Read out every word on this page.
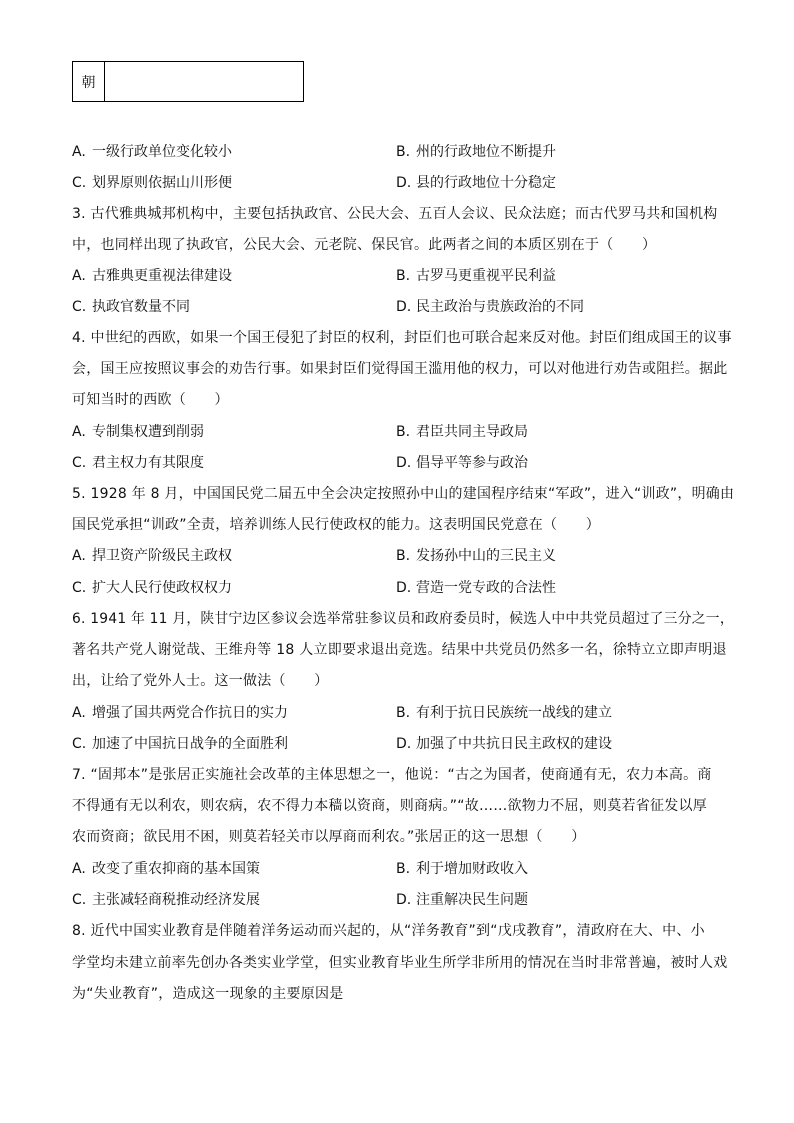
朝
A. 一级行政单位变化较小	B. 州的行政地位不断提升
C. 划界原则依据山川形便	D. 县的行政地位十分稳定
3. 古代雅典城邦机构中，主要包括执政官、公民大会、五百人会议、民众法庭；而古代罗马共和国机构
中，也同样出现了执政官，公民大会、元老院、保民官。此两者之间的本质区别在于（　　）
A. 古雅典更重视法律建设	B. 古罗马更重视平民利益
C. 执政官数量不同	D. 民主政治与贵族政治的不同
4. 中世纪的西欧，如果一个国王侵犯了封臣的权利，封臣们也可联合起来反对他。封臣们组成国王的议事
会，国王应按照议事会的劝告行事。如果封臣们觉得国王滥用他的权力，可以对他进行劝告或阻拦。据此
可知当时的西欧（　　）
A. 专制集权遭到削弱	B. 君臣共同主导政局
C. 君主权力有其限度	D. 倡导平等参与政治
5. 1928 年 8 月，中国国民党二届五中全会决定按照孙中山的建国程序结束“军政”，进入“训政”，明确由
国民党承担“训政”全责，培养训练人民行使政权的能力。这表明国民党意在（　　）
A. 捍卫资产阶级民主政权	B. 发扬孙中山的三民主义
C. 扩大人民行使政权权力	D. 营造一党专政的合法性
6. 1941 年 11 月，陕甘宁边区参议会选举常驻参议员和政府委员时，候选人中中共党员超过了三分之一，
著名共产党人谢觉哉、王维舟等 18 人立即要求退出竞选。结果中共党员仍然多一名，徐特立立即声明退
出，让给了党外人士。这一做法（　　）
A. 增强了国共两党合作抗日的实力	B. 有利于抗日民族统一战线的建立
C. 加速了中国抗日战争的全面胜利	D. 加强了中共抗日民主政权的建设
7. “固邦本”是张居正实施社会改革的主体思想之一，他说：“古之为国者，使商通有无，农力本高。商
不得通有无以利农，则农病，农不得力本穑以资商，则商病。”“故……欲物力不屈，则莫若省征发以厚
农而资商；欲民用不困，则莫若轻关市以厚商而利农。”张居正的这一思想（　　）
A. 改变了重农抑商的基本国策	B. 利于增加财政收入
C. 主张减轻商税推动经济发展	D. 注重解决民生问题
8. 近代中国实业教育是伴随着洋务运动而兴起的，从“洋务教育”到“戊戌教育”，清政府在大、中、小
学堂均未建立前率先创办各类实业学堂，但实业教育毕业生所学非所用的情况在当时非常普遍，被时人戏
为“失业教育”，造成这一现象的主要原因是
